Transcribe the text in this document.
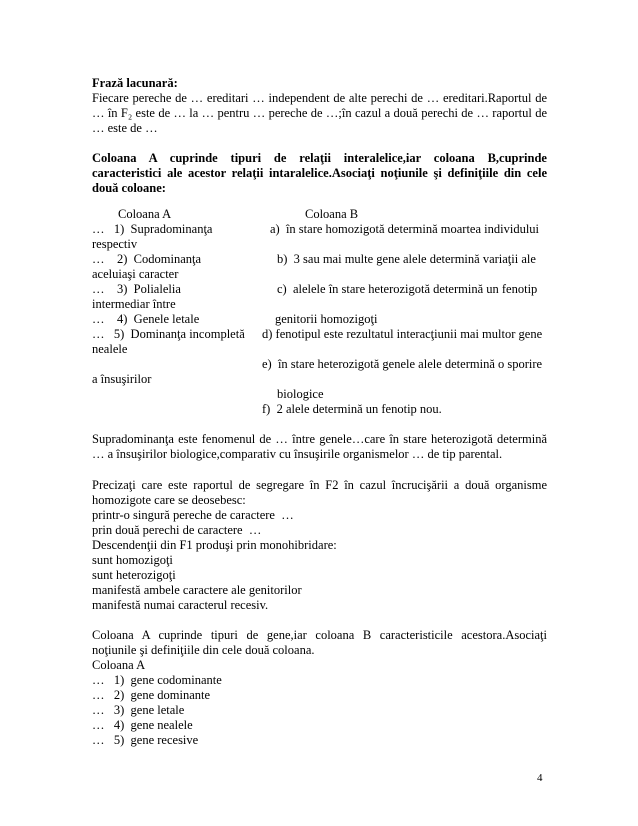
Frază lacunară:
Fiecare pereche de … ereditari … independent de alte perechi de … ereditari.Raportul de
… în F₂ este de … la … pentru … pereche de …;în cazul a două perechi de … raportul de
… este de …
Coloana A cuprinde tipuri de relaţii interalelice,iar coloana B,cuprinde
caracteristici ale acestor relaţii intaralelice.Asociaţi noţiunile şi definiţiile din cele
două coloane:
Coloana A	Coloana B
…   1)  Supradominanţa	a)  în stare homozigotă determină moartea individului
respectiv
…    2)  Codominanţa	b)  3 sau mai multe gene alele determină variaţii ale
aceluiaşi caracter
…    3)  Polialelia	c)  alelele în stare heterozigotă determină un fenotip
intermediar între
…    4)  Genele letale	genitorii homozigoţi
…   5)  Dominanţa incompletă d) fenotipul este rezultatul interacţiunii mai multor gene
nealele
e)  în stare heterozigotă genele alele determină o sporire
a însuşirilor
biologice
f)  2 alele determină un fenotip nou.
Supradominanţa este fenomenul de … între genele…care în stare heterozigotă determină
… a însuşirilor biologice,comparativ cu însuşirile organismelor … de tip parental.
Precizaţi care este raportul de segregare în F2 în cazul încrucişării a două organisme
homozigote care se deosebesc:
printr-o singură pereche de caractere  …
prin două perechi de caractere  …
Descendenţii din F1 produşi prin monohibridare:
sunt homozigoţi
sunt heterozigoţi
manifestă ambele caractere ale genitorilor
manifestă numai caracterul recesiv.
Coloana A cuprinde tipuri de gene,iar coloana B caracteristicile acestora.Asociaţi
noţiunile şi definiţiile din cele două coloana.
Coloana A
…   1)  gene codominante
…   2)  gene dominante
…   3)  gene letale
…   4)  gene nealele
…   5)  gene recesive
4
